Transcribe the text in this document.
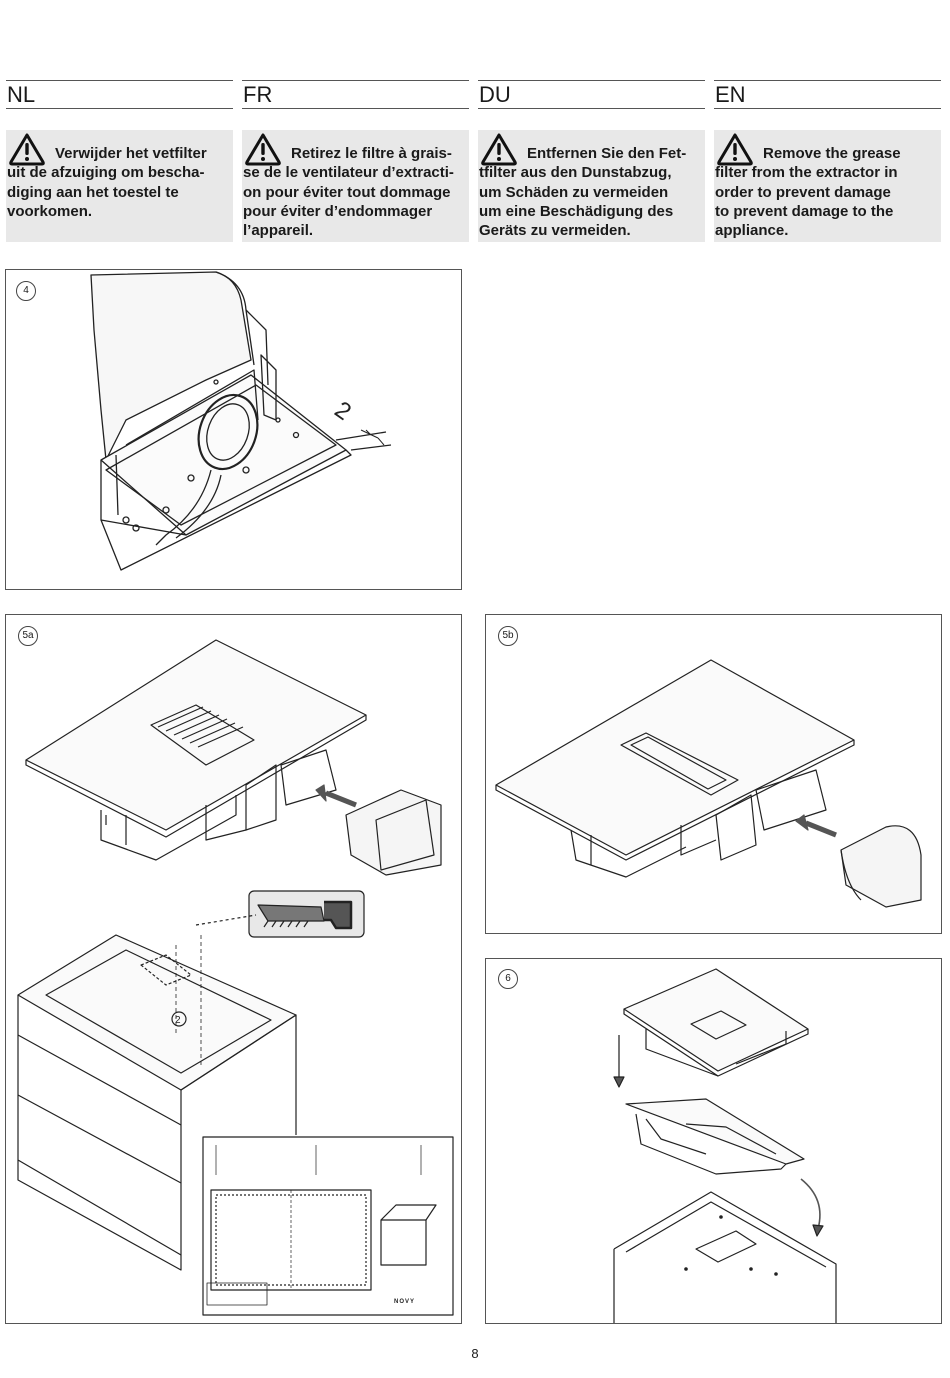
NL	FR	DU	EN
Verwijder het vetfilter
uit de afzuiging om bescha-
diging aan het toestel te
voorkomen.
Retirez le filtre à grais-
se de le ventilateur d’extracti-
on pour éviter tout dommage
pour éviter d’endommager
l’appareil.
Entfernen Sie den Fet-
tfilter aus den Dunstabzug,
um Schäden zu vermeiden
um eine Beschädigung des
Geräts zu vermeiden.
Remove the grease
filter from the extractor in
order to prevent damage
to prevent damage to the
appliance.
2
4
2
NOVY
5a	5b
6
8
